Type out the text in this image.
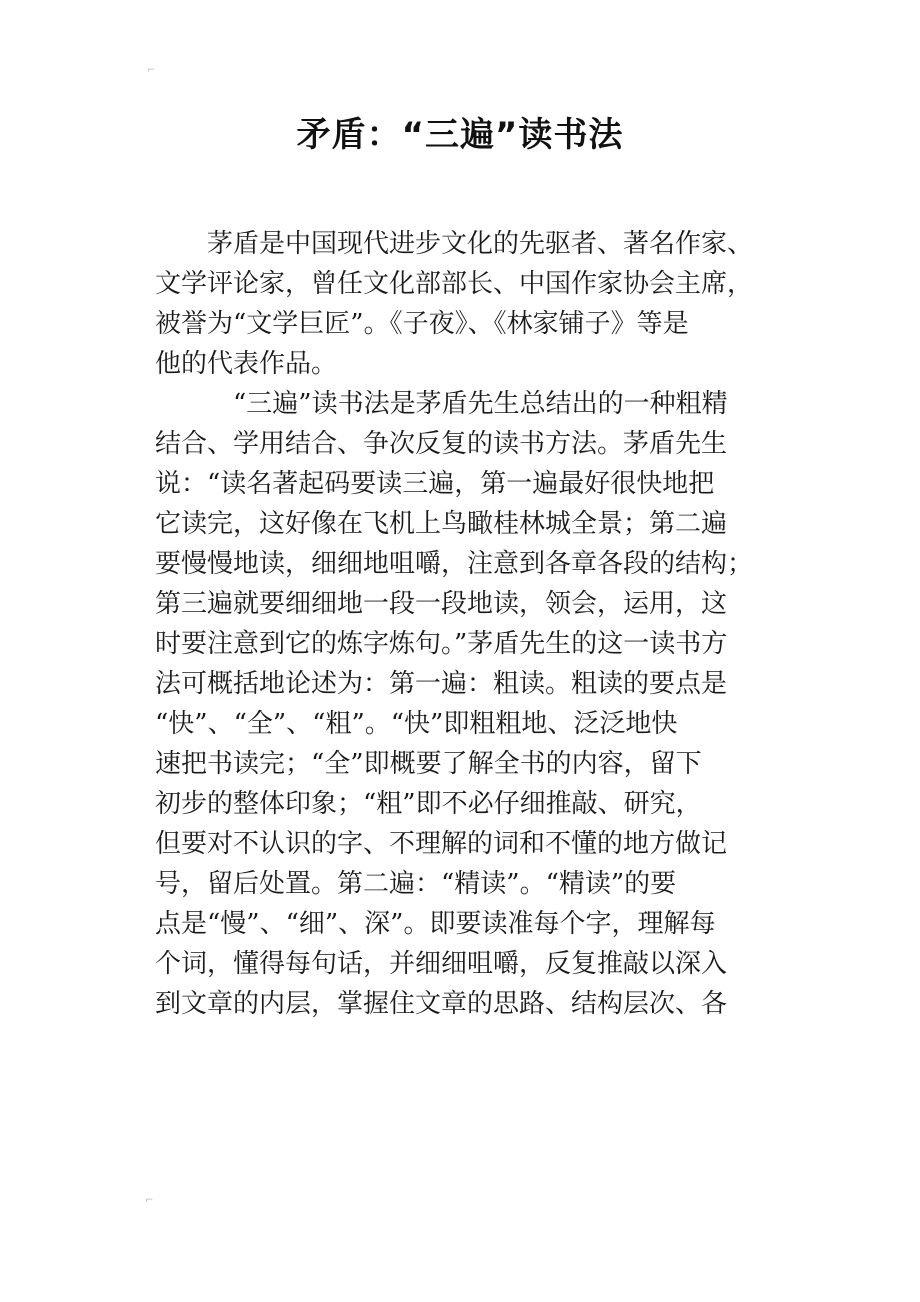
⌐
⌐
矛盾：“三遍”读书法

　　茅盾是中国现代进步文化的先驱者、著名作家、

文学评论家，曾任文化部部长、中国作家协会主席，

被誉为“文学巨匠”。《子夜》、《林家铺子》等是

他的代表作品。

　　　“三遍”读书法是茅盾先生总结出的一种粗精

结合、学用结合、争次反复的读书方法。茅盾先生

说：“读名著起码要读三遍，第一遍最好很快地把

它读完，这好像在飞机上鸟瞰桂林城全景；第二遍

要慢慢地读，细细地咀嚼，注意到各章各段的结构；

第三遍就要细细地一段一段地读，领会，运用，这

时要注意到它的炼字炼句。”茅盾先生的这一读书方

法可概括地论述为：第一遍：粗读。粗读的要点是

“快”、“全”、“粗”。“快”即粗粗地、泛泛地快

速把书读完；“全”即概要了解全书的内容，留下

初步的整体印象；“粗”即不必仔细推敲、研究，

但要对不认识的字、不理解的词和不懂的地方做记

号，留后处置。第二遍：“精读”。“精读”的要

点是“慢”、“细”、深”。即要读准每个字，理解每

个词，懂得每句话，并细细咀嚼，反复推敲以深入

到文章的内层，掌握住文章的思路、结构层次、各
